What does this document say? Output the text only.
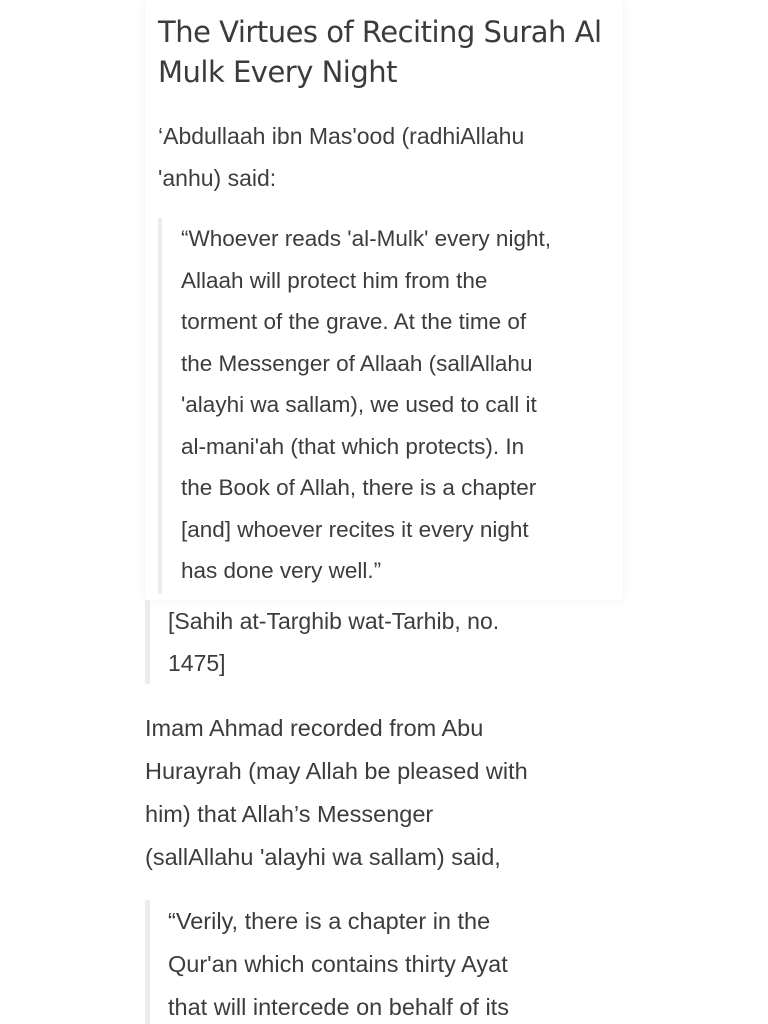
The Virtues of Reciting Surah Al
Mulk Every Night

‘Abdullaah ibn Mas'ood (radhiAllahu
'anhu) said:

“Whoever reads 'al-Mulk' every night,
Allaah will protect him from the
torment of the grave. At the time of
the Messenger of Allaah (sallAllahu
'alayhi wa sallam), we used to call it
al-mani'ah (that which protects). In
the Book of Allah, there is a chapter
[and] whoever recites it every night
has done very well.”

[Sahih at-Targhib wat-Tarhib, no.
1475]

Imam Ahmad recorded from Abu
Hurayrah (may Allah be pleased with
him) that Allah’s Messenger
(sallAllahu 'alayhi wa sallam) said,

“Verily, there is a chapter in the
Qur'an which contains thirty Ayat
that will intercede on behalf of its
